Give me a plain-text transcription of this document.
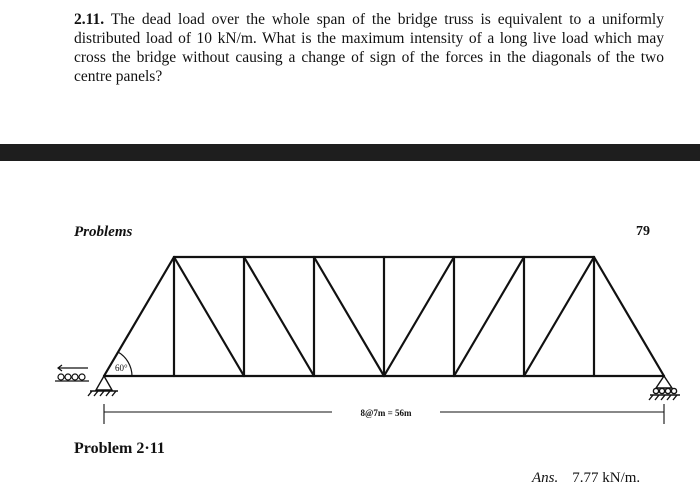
2.11. The dead load over the whole span of the bridge truss is equivalent to a uniformly distributed load of 10 kN/m. What is the maximum intensity of a long live load which may cross the bridge without causing a change of sign of the forces in the diagonals of the two centre panels?

Problems	79
60°
8@7m = 56m
Problem 2·11
Ans. 7.77 kN/m.
